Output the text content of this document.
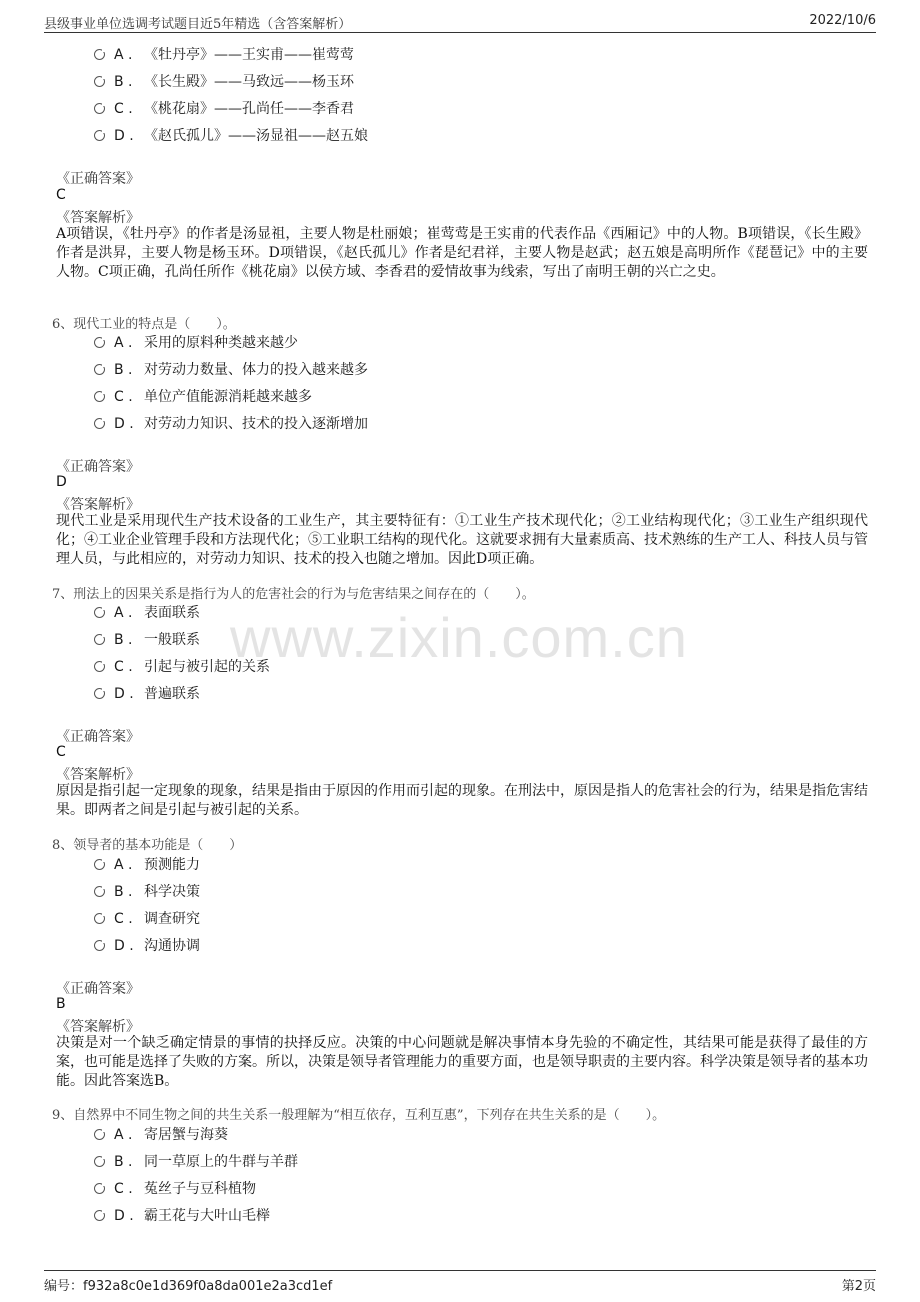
县级事业单位选调考试题目近5年精选（含答案解析）	2022/10/6
www.zixin.com.cn
A . 《牡丹亭》——王实甫——崔莺莺
B . 《长生殿》——马致远——杨玉环
C . 《桃花扇》——孔尚任——李香君
D . 《赵氏孤儿》——汤显祖——赵五娘
《正确答案》
C
《答案解析》
A项错误，《牡丹亭》的作者是汤显祖，主要人物是杜丽娘；崔莺莺是王实甫的代表作品《西厢记》中的人物。B项错误，《长生殿》作者是洪昇，主要人物是杨玉环。D项错误，《赵氏孤儿》作者是纪君祥，主要人物是赵武；赵五娘是高明所作《琵琶记》中的主要人物。C项正确，孔尚任所作《桃花扇》以侯方域、李香君的爱情故事为线索，写出了南明王朝的兴亡之史。
6、现代工业的特点是（　　）。
A . 采用的原料种类越来越少
B . 对劳动力数量、体力的投入越来越多
C . 单位产值能源消耗越来越多
D . 对劳动力知识、技术的投入逐渐增加
《正确答案》
D
《答案解析》
现代工业是采用现代生产技术设备的工业生产，其主要特征有：①工业生产技术现代化；②工业结构现代化；③工业生产组织现代化；④工业企业管理手段和方法现代化；⑤工业职工结构的现代化。这就要求拥有大量素质高、技术熟练的生产工人、科技人员与管理人员，与此相应的，对劳动力知识、技术的投入也随之增加。因此D项正确。
7、刑法上的因果关系是指行为人的危害社会的行为与危害结果之间存在的（　　）。
A . 表面联系
B . 一般联系
C . 引起与被引起的关系
D . 普遍联系
《正确答案》
C
《答案解析》
原因是指引起一定现象的现象，结果是指由于原因的作用而引起的现象。在刑法中，原因是指人的危害社会的行为，结果是指危害结果。即两者之间是引起与被引起的关系。
8、领导者的基本功能是（　　）
A . 预测能力
B . 科学决策
C . 调查研究
D . 沟通协调
《正确答案》
B
《答案解析》
决策是对一个缺乏确定情景的事情的抉择反应。决策的中心问题就是解决事情本身先验的不确定性，其结果可能是获得了最佳的方案，也可能是选择了失败的方案。所以，决策是领导者管理能力的重要方面，也是领导职责的主要内容。科学决策是领导者的基本功能。因此答案选B。
9、自然界中不同生物之间的共生关系一般理解为“相互依存，互利互惠”，下列存在共生关系的是（　　）。
A . 寄居蟹与海葵
B . 同一草原上的牛群与羊群
C . 菟丝子与豆科植物
D . 霸王花与大叶山毛榉
编号：f932a8c0e1d369f0a8da001e2a3cd1ef	第2页
